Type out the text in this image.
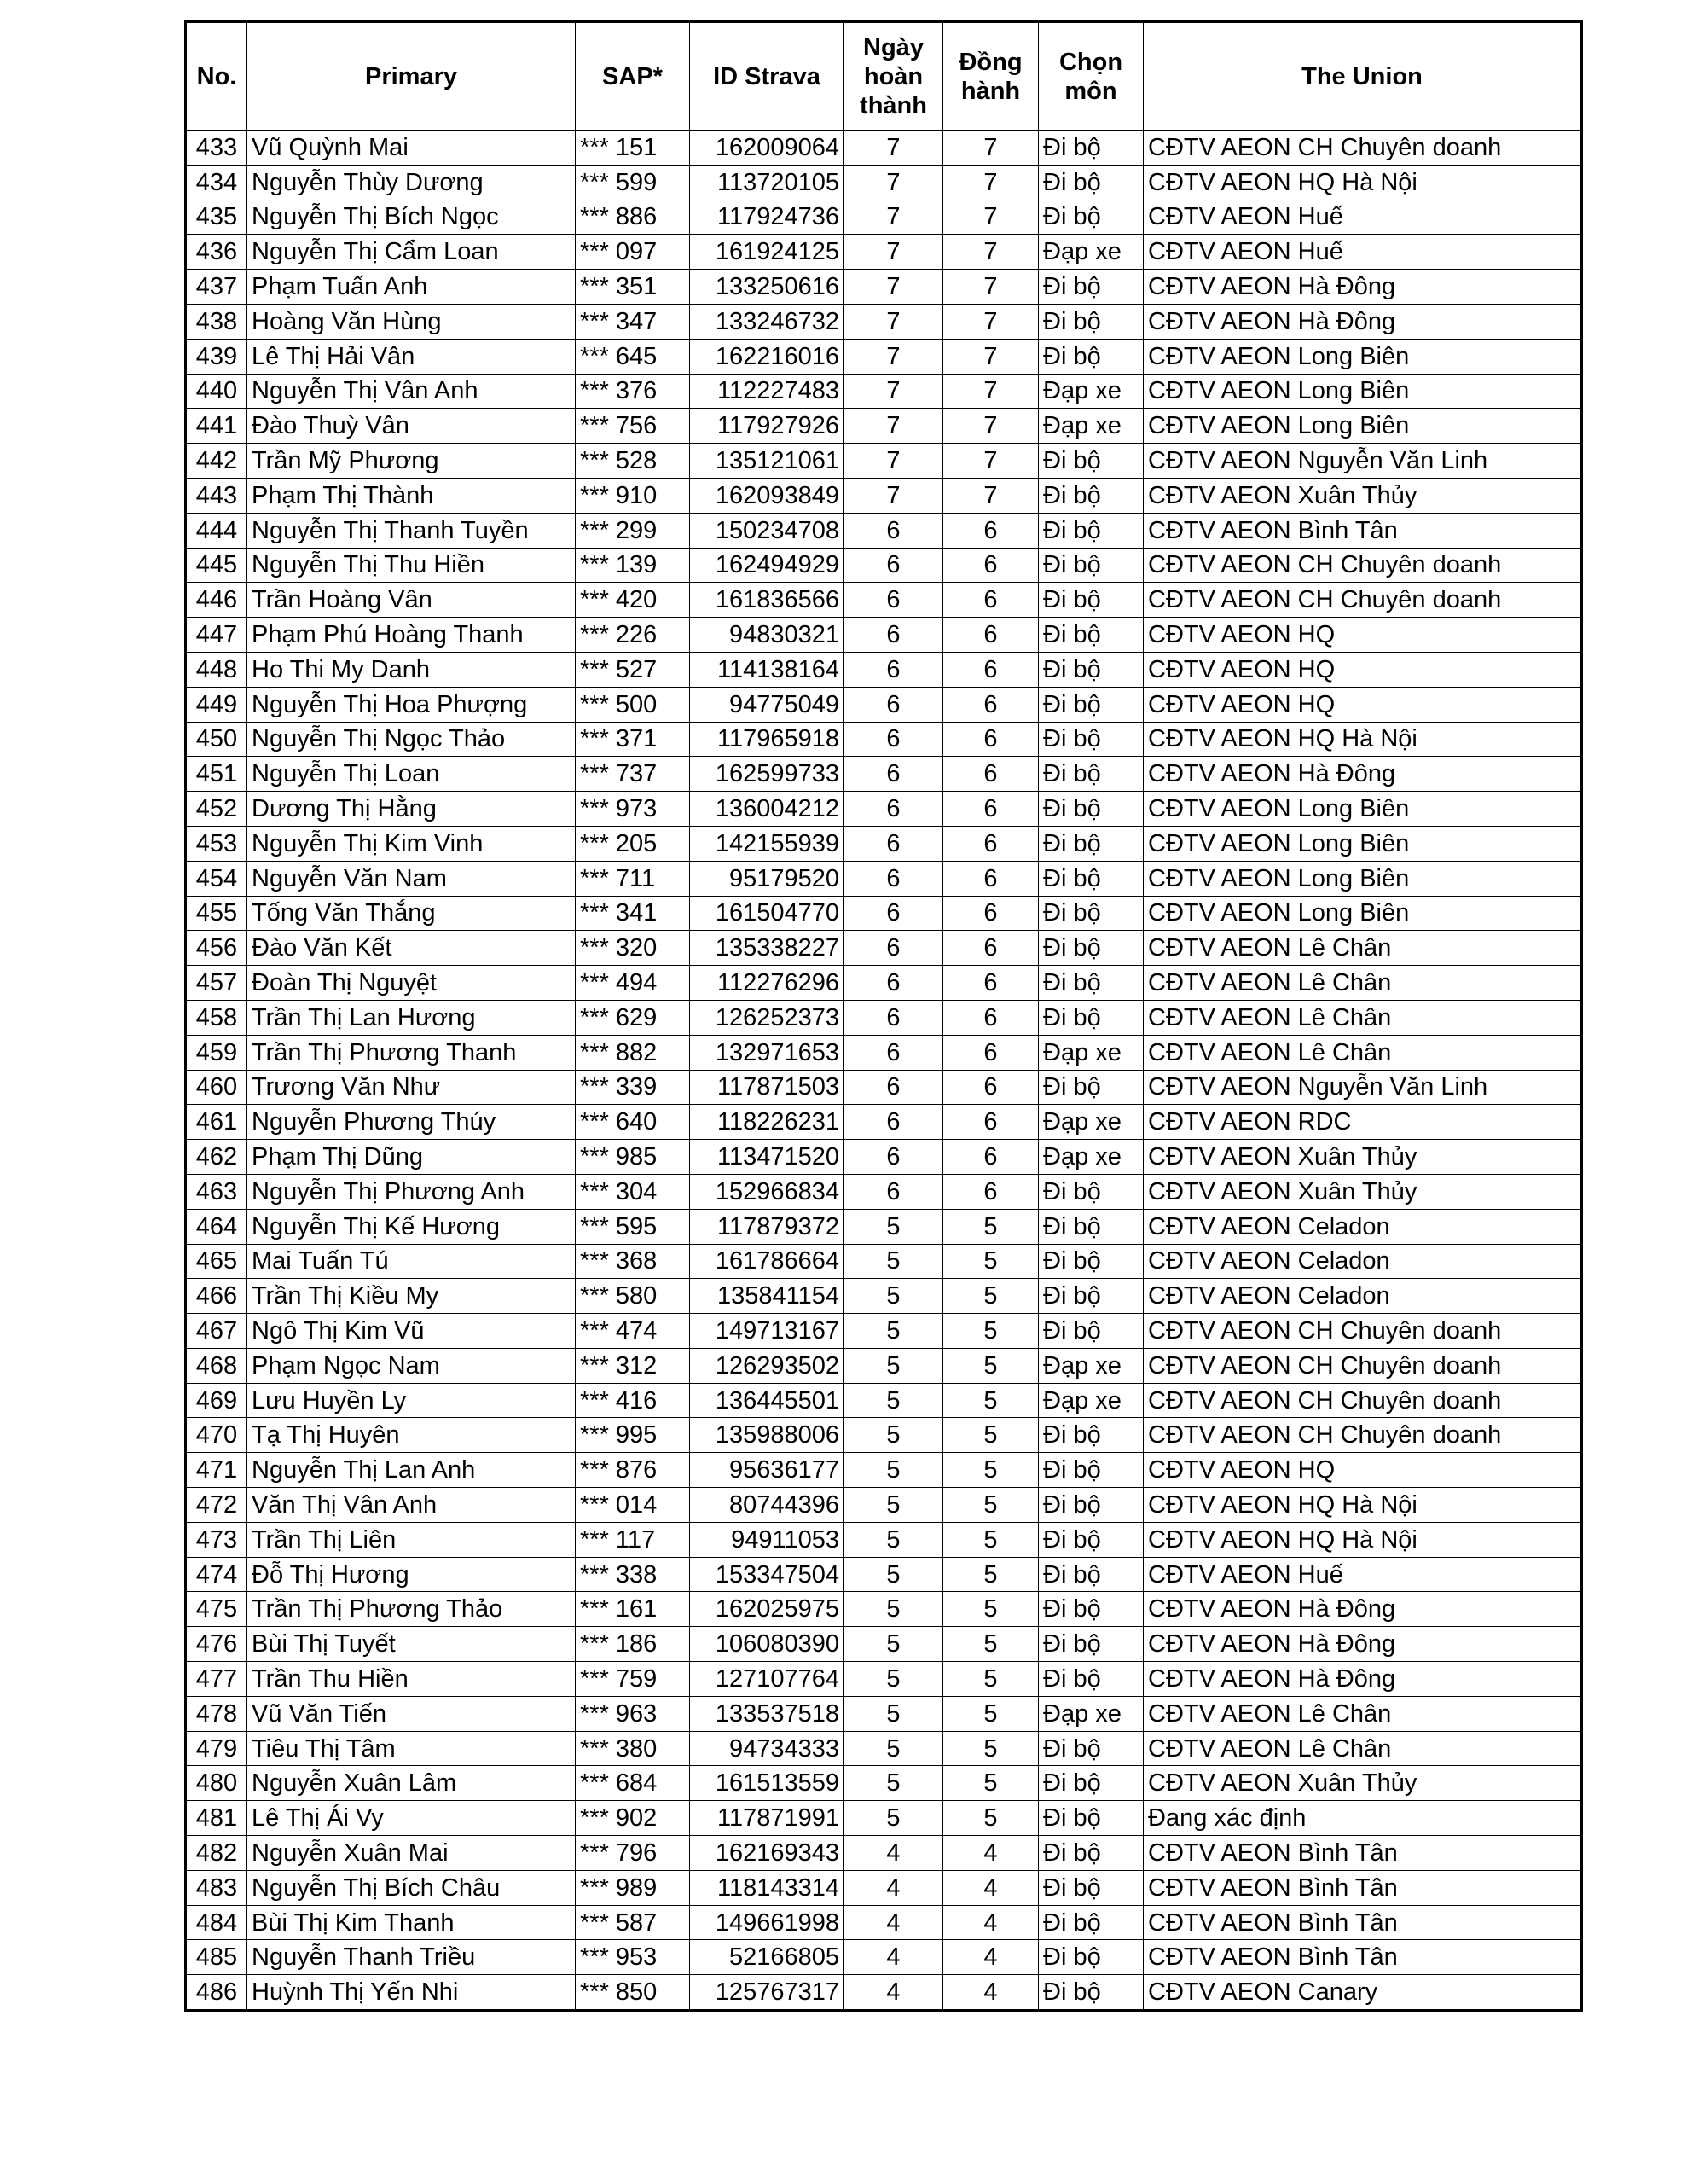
No.	Primary	SAP*	ID Strava	Ngày hoàn thành	Đồng hành	Chọn môn	The Union
433	Vũ Quỳnh Mai	*** 151	162009064	7	7	Đi bộ	CĐTV AEON CH Chuyên doanh
434	Nguyễn Thùy Dương	*** 599	113720105	7	7	Đi bộ	CĐTV AEON HQ Hà Nội
435	Nguyễn Thị Bích Ngọc	*** 886	117924736	7	7	Đi bộ	CĐTV AEON Huế
436	Nguyễn Thị Cẩm Loan	*** 097	161924125	7	7	Đạp xe	CĐTV AEON Huế
437	Phạm Tuấn Anh	*** 351	133250616	7	7	Đi bộ	CĐTV AEON Hà Đông
438	Hoàng Văn Hùng	*** 347	133246732	7	7	Đi bộ	CĐTV AEON Hà Đông
439	Lê Thị Hải Vân	*** 645	162216016	7	7	Đi bộ	CĐTV AEON Long Biên
440	Nguyễn Thị Vân Anh	*** 376	112227483	7	7	Đạp xe	CĐTV AEON Long Biên
441	Đào Thuỳ Vân	*** 756	117927926	7	7	Đạp xe	CĐTV AEON Long Biên
442	Trần Mỹ Phương	*** 528	135121061	7	7	Đi bộ	CĐTV AEON Nguyễn Văn Linh
443	Phạm Thị Thành	*** 910	162093849	7	7	Đi bộ	CĐTV AEON Xuân Thủy
444	Nguyễn Thị Thanh Tuyền	*** 299	150234708	6	6	Đi bộ	CĐTV AEON Bình Tân
445	Nguyễn Thị Thu Hiền	*** 139	162494929	6	6	Đi bộ	CĐTV AEON CH Chuyên doanh
446	Trần Hoàng Vân	*** 420	161836566	6	6	Đi bộ	CĐTV AEON CH Chuyên doanh
447	Phạm Phú Hoàng Thanh	*** 226	94830321	6	6	Đi bộ	CĐTV AEON HQ
448	Ho Thi My Danh	*** 527	114138164	6	6	Đi bộ	CĐTV AEON HQ
449	Nguyễn Thị Hoa Phượng	*** 500	94775049	6	6	Đi bộ	CĐTV AEON HQ
450	Nguyễn Thị Ngọc Thảo	*** 371	117965918	6	6	Đi bộ	CĐTV AEON HQ Hà Nội
451	Nguyễn Thị Loan	*** 737	162599733	6	6	Đi bộ	CĐTV AEON Hà Đông
452	Dương Thị Hằng	*** 973	136004212	6	6	Đi bộ	CĐTV AEON Long Biên
453	Nguyễn Thị Kim Vinh	*** 205	142155939	6	6	Đi bộ	CĐTV AEON Long Biên
454	Nguyễn Văn Nam	*** 711	95179520	6	6	Đi bộ	CĐTV AEON Long Biên
455	Tống Văn Thắng	*** 341	161504770	6	6	Đi bộ	CĐTV AEON Long Biên
456	Đào Văn Kết	*** 320	135338227	6	6	Đi bộ	CĐTV AEON Lê Chân
457	Đoàn Thị Nguyệt	*** 494	112276296	6	6	Đi bộ	CĐTV AEON Lê Chân
458	Trần Thị Lan Hương	*** 629	126252373	6	6	Đi bộ	CĐTV AEON Lê Chân
459	Trần Thị Phương Thanh	*** 882	132971653	6	6	Đạp xe	CĐTV AEON Lê Chân
460	Trương Văn Như	*** 339	117871503	6	6	Đi bộ	CĐTV AEON Nguyễn Văn Linh
461	Nguyễn Phương Thúy	*** 640	118226231	6	6	Đạp xe	CĐTV AEON RDC
462	Phạm Thị Dũng	*** 985	113471520	6	6	Đạp xe	CĐTV AEON Xuân Thủy
463	Nguyễn Thị Phương Anh	*** 304	152966834	6	6	Đi bộ	CĐTV AEON Xuân Thủy
464	Nguyễn Thị Kế Hương	*** 595	117879372	5	5	Đi bộ	CĐTV AEON Celadon
465	Mai Tuấn Tú	*** 368	161786664	5	5	Đi bộ	CĐTV AEON Celadon
466	Trần Thị Kiều My	*** 580	135841154	5	5	Đi bộ	CĐTV AEON Celadon
467	Ngô Thị Kim Vũ	*** 474	149713167	5	5	Đi bộ	CĐTV AEON CH Chuyên doanh
468	Phạm Ngọc Nam	*** 312	126293502	5	5	Đạp xe	CĐTV AEON CH Chuyên doanh
469	Lưu Huyền Ly	*** 416	136445501	5	5	Đạp xe	CĐTV AEON CH Chuyên doanh
470	Tạ Thị Huyên	*** 995	135988006	5	5	Đi bộ	CĐTV AEON CH Chuyên doanh
471	Nguyễn Thị Lan Anh	*** 876	95636177	5	5	Đi bộ	CĐTV AEON HQ
472	Văn Thị Vân Anh	*** 014	80744396	5	5	Đi bộ	CĐTV AEON HQ Hà Nội
473	Trần Thị Liên	*** 117	94911053	5	5	Đi bộ	CĐTV AEON HQ Hà Nội
474	Đỗ Thị Hương	*** 338	153347504	5	5	Đi bộ	CĐTV AEON Huế
475	Trần Thị Phương Thảo	*** 161	162025975	5	5	Đi bộ	CĐTV AEON Hà Đông
476	Bùi Thị Tuyết	*** 186	106080390	5	5	Đi bộ	CĐTV AEON Hà Đông
477	Trần Thu Hiền	*** 759	127107764	5	5	Đi bộ	CĐTV AEON Hà Đông
478	Vũ Văn Tiến	*** 963	133537518	5	5	Đạp xe	CĐTV AEON Lê Chân
479	Tiêu Thị Tâm	*** 380	94734333	5	5	Đi bộ	CĐTV AEON Lê Chân
480	Nguyễn Xuân Lâm	*** 684	161513559	5	5	Đi bộ	CĐTV AEON Xuân Thủy
481	Lê Thị Ái Vy	*** 902	117871991	5	5	Đi bộ	Đang xác định
482	Nguyễn Xuân Mai	*** 796	162169343	4	4	Đi bộ	CĐTV AEON Bình Tân
483	Nguyễn Thị Bích Châu	*** 989	118143314	4	4	Đi bộ	CĐTV AEON Bình Tân
484	Bùi Thị Kim Thanh	*** 587	149661998	4	4	Đi bộ	CĐTV AEON Bình Tân
485	Nguyễn Thanh Triều	*** 953	52166805	4	4	Đi bộ	CĐTV AEON Bình Tân
486	Huỳnh Thị Yến Nhi	*** 850	125767317	4	4	Đi bộ	CĐTV AEON Canary
